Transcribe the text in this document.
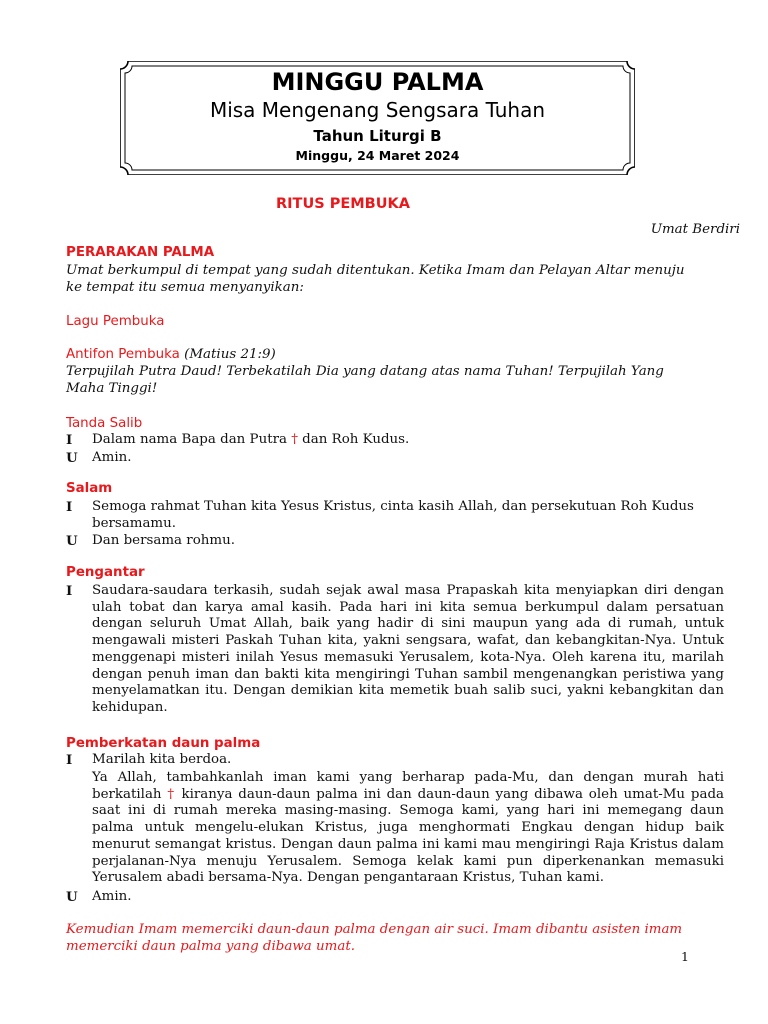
MINGGU PALMA
Misa Mengenang Sengsara Tuhan
Tahun Liturgi B
Minggu, 24 Maret 2024
RITUS PEMBUKA
Umat Berdiri
PERARAKAN PALMA
Umat berkumpul di tempat yang sudah ditentukan. Ketika Imam dan Pelayan Altar menuju ke tempat itu semua menyanyikan:
Lagu Pembuka
Antifon Pembuka (Matius 21:9)
Terpujilah Putra Daud! Terbekatilah Dia yang datang atas nama Tuhan! Terpujilah Yang Maha Tinggi!
Tanda Salib
I Dalam nama Bapa dan Putra † dan Roh Kudus.
U Amin.
Salam
I Semoga rahmat Tuhan kita Yesus Kristus, cinta kasih Allah, dan persekutuan Roh Kudus bersamamu.
U Dan bersama rohmu.
Pengantar
I Saudara-saudara terkasih, sudah sejak awal masa Prapaskah kita menyiapkan diri dengan ulah tobat dan karya amal kasih. Pada hari ini kita semua berkumpul dalam persatuan dengan seluruh Umat Allah, baik yang hadir di sini maupun yang ada di rumah, untuk mengawali misteri Paskah Tuhan kita, yakni sengsara, wafat, dan kebangkitan-Nya. Untuk menggenapi misteri inilah Yesus memasuki Yerusalem, kota-Nya. Oleh karena itu, marilah dengan penuh iman dan bakti kita mengiringi Tuhan sambil mengenangkan peristiwa yang menyelamatkan itu. Dengan demikian kita memetik buah salib suci, yakni kebangkitan dan kehidupan.
Pemberkatan daun palma
I Marilah kita berdoa.
Ya Allah, tambahkanlah iman kami yang berharap pada-Mu, dan dengan murah hati berkatilah † kiranya daun-daun palma ini dan daun-daun yang dibawa oleh umat-Mu pada saat ini di rumah mereka masing-masing. Semoga kami, yang hari ini memegang daun palma untuk mengelu-elukan Kristus, juga menghormati Engkau dengan hidup baik menurut semangat kristus. Dengan daun palma ini kami mau mengiringi Raja Kristus dalam perjalanan-Nya menuju Yerusalem. Semoga kelak kami pun diperkenankan memasuki Yerusalem abadi bersama-Nya. Dengan pengantaraan Kristus, Tuhan kami.
U Amin.
Kemudian Imam memerciki daun-daun palma dengan air suci. Imam dibantu asisten imam memerciki daun palma yang dibawa umat.
1
